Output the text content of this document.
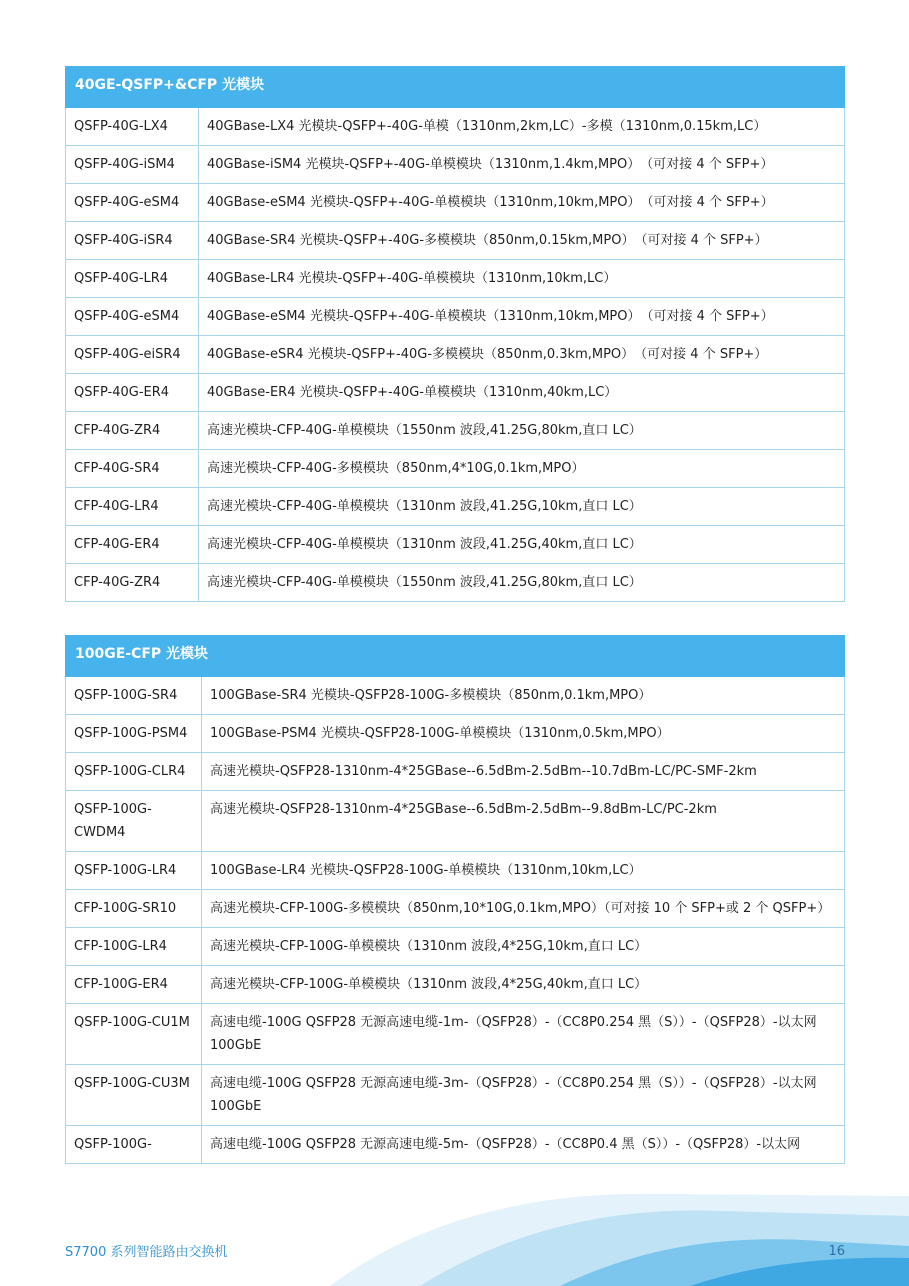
40GE-QSFP+&CFP 光模块	
QSFP-40G-LX4	40GBase-LX4 光模块-QSFP+-40G-单模（1310nm,2km,LC）-多模（1310nm,0.15km,LC）
QSFP-40G-iSM4	40GBase-iSM4 光模块-QSFP+-40G-单模模块（1310nm,1.4km,MPO）　（可对接 4 个 SFP+）
QSFP-40G-eSM4	40GBase-eSM4 光模块-QSFP+-40G-单模模块（1310nm,10km,MPO）　（可对接 4 个 SFP+）
QSFP-40G-iSR4	40GBase-SR4 光模块-QSFP+-40G-多模模块（850nm,0.15km,MPO）　（可对接 4 个 SFP+）
QSFP-40G-LR4	40GBase-LR4 光模块-QSFP+-40G-单模模块（1310nm,10km,LC）
QSFP-40G-eSM4	40GBase-eSM4 光模块-QSFP+-40G-单模模块（1310nm,10km,MPO）　（可对接 4 个 SFP+）
QSFP-40G-eiSR4	40GBase-eSR4 光模块-QSFP+-40G-多模模块（850nm,0.3km,MPO）　（可对接 4 个 SFP+）
QSFP-40G-ER4	40GBase-ER4 光模块-QSFP+-40G-单模模块（1310nm,40km,LC）
CFP-40G-ZR4	高速光模块-CFP-40G-单模模块（1550nm 波段,41.25G,80km,直口 LC）
CFP-40G-SR4	高速光模块-CFP-40G-多模模块（850nm,4*10G,0.1km,MPO）
CFP-40G-LR4	高速光模块-CFP-40G-单模模块（1310nm 波段,41.25G,10km,直口 LC）
CFP-40G-ER4	高速光模块-CFP-40G-单模模块（1310nm 波段,41.25G,40km,直口 LC）
CFP-40G-ZR4	高速光模块-CFP-40G-单模模块（1550nm 波段,41.25G,80km,直口 LC）
100GE-CFP 光模块	
QSFP-100G-SR4	100GBase-SR4 光模块-QSFP28-100G-多模模块（850nm,0.1km,MPO）
QSFP-100G-PSM4	100GBase-PSM4 光模块-QSFP28-100G-单模模块（1310nm,0.5km,MPO）
QSFP-100G-CLR4	高速光模块-QSFP28-1310nm-4*25GBase--6.5dBm-2.5dBm--10.7dBm-LC/PC-SMF-2km
QSFP-100G-CWDM4	高速光模块-QSFP28-1310nm-4*25GBase--6.5dBm-2.5dBm--9.8dBm-LC/PC-2km
QSFP-100G-LR4	100GBase-LR4 光模块-QSFP28-100G-单模模块（1310nm,10km,LC）
CFP-100G-SR10	高速光模块-CFP-100G-多模模块（850nm,10*10G,0.1km,MPO）（可对接 10 个 SFP+或 2 个 QSFP+）
CFP-100G-LR4	高速光模块-CFP-100G-单模模块（1310nm 波段,4*25G,10km,直口 LC）
CFP-100G-ER4	高速光模块-CFP-100G-单模模块（1310nm 波段,4*25G,40km,直口 LC）
QSFP-100G-CU1M	高速电缆-100G QSFP28 无源高速电缆-1m-（QSFP28）-（CC8P0.254 黑（S））-（QSFP28）-以太网 100GbE
QSFP-100G-CU3M	高速电缆-100G QSFP28 无源高速电缆-3m-（QSFP28）-（CC8P0.254 黑（S））-（QSFP28）-以太网 100GbE
QSFP-100G-	高速电缆-100G QSFP28 无源高速电缆-5m-（QSFP28）-（CC8P0.4 黑（S））-（QSFP28）-以太网
S7700 系列智能路由交换机	16
